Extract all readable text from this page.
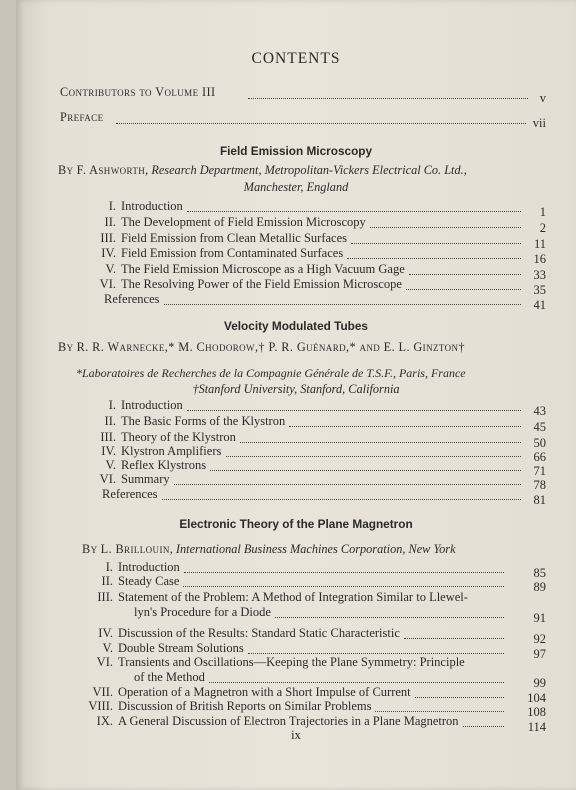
CONTENTS
Contributors to Volume III	v
Preface	vii
Field Emission Microscopy
By F. Ashworth, Research Department, Metropolitan-Vickers Electrical Co. Ltd.,
Manchester, England
Velocity Modulated Tubes
By R. R. Warnecke,* M. Chodorow,† P. R. Guénard,* and E. L. Ginzton†
*Laboratoires de Recherches de la Compagnie Générale de T.S.F., Paris, France
†Stanford University, Stanford, California
Electronic Theory of the Plane Magnetron
By L. Brillouin, International Business Machines Corporation, New York
ix
I. Introduction	1
II. The Development of Field Emission Microscopy	2
III. Field Emission from Clean Metallic Surfaces	11
IV. Field Emission from Contaminated Surfaces	16
V. The Field Emission Microscope as a High Vacuum Gage	33
VI. The Resolving Power of the Field Emission Microscope	35
References	41
I. Introduction	43
II. The Basic Forms of the Klystron	45
III. Theory of the Klystron	50
IV. Klystron Amplifiers	66
V. Reflex Klystrons	71
VI. Summary	78
References	81
I. Introduction	85
II. Steady Case	89
III. Statement of the Problem: A Method of Integration Similar to Llewel-
lyn's Procedure for a Diode	91
IV. Discussion of the Results: Standard Static Characteristic	92
V. Double Stream Solutions	97
VI. Transients and Oscillations—Keeping the Plane Symmetry: Principle
of the Method	99
VII. Operation of a Magnetron with a Short Impulse of Current	104
VIII. Discussion of British Reports on Similar Problems	108
IX. A General Discussion of Electron Trajectories in a Plane Magnetron	114
